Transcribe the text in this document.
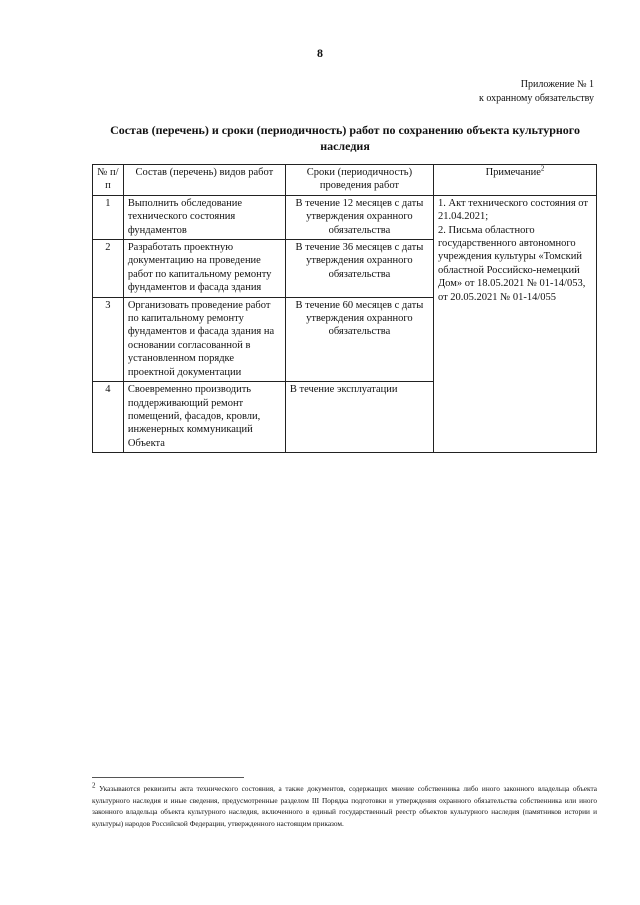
8
Приложение № 1
к охранному обязательству
Состав (перечень) и сроки (периодичность) работ по сохранению объекта культурного наследия
№ п/п	Состав (перечень) видов работ	Сроки (периодичность) проведения работ	Примечание$^2$
1	Выполнить обследование технического состояния фундаментов	В течение 12 месяцев с даты утверждения охранного обязательства	1. Акт технического состояния от 21.04.2021;
2. Письма областного государственного автономного учреждения культуры «Томский областной Российско-немецкий Дом» от 18.05.2021 № 01-14/053, от 20.05.2021 № 01-14/055

2	Разработать проектную документацию на проведение работ по капитальному ремонту фундаментов и фасада здания	В течение 36 месяцев с даты утверждения охранного обязательства	
3	Организовать проведение работ по капитальному ремонту фундаментов и фасада здания на основании согласованной в установленном порядке проектной документации	В течение 60 месяцев с даты утверждения охранного обязательства	
4	Своевременно производить поддерживающий ремонт помещений, фасадов, кровли, инженерных коммуникаций Объекта	В течение эксплуатации	
$^2$ Указываются реквизиты акта технического состояния, а также документов, содержащих мнение собственника либо иного законного владельца объекта культурного наследия и иные сведения, предусмотренные разделом III Порядка подготовки и утверждения охранного обязательства собственника или иного законного владельца объекта культурного наследия, включенного в единый государственный реестр объектов культурного наследия (памятников истории и культуры) народов Российской Федерации, утвержденного настоящим приказом.
